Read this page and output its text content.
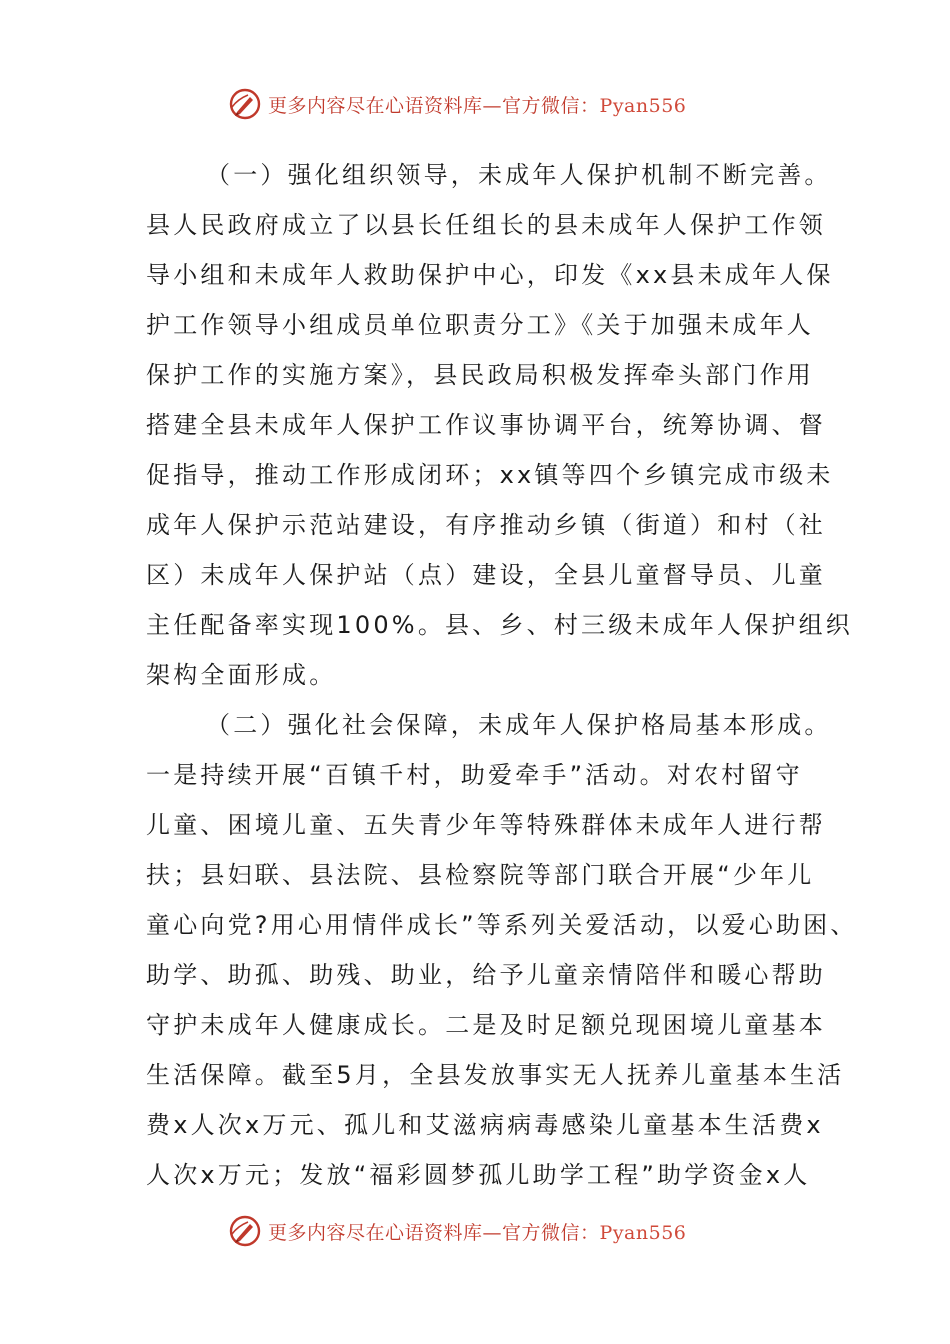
更多内容尽在心语资料库—官方微信：Pyan556
（一）强化组织领导，未成年人保护机制不断完善。
县人民政府成立了以县长任组长的县未成年人保护工作领
导小组和未成年人救助保护中心，印发《xx县未成年人保
护工作领导小组成员单位职责分工》《关于加强未成年人
保护工作的实施方案》，县民政局积极发挥牵头部门作用
搭建全县未成年人保护工作议事协调平台，统筹协调、督
促指导，推动工作形成闭环；xx镇等四个乡镇完成市级未
成年人保护示范站建设，有序推动乡镇（街道）和村（社
区）未成年人保护站（点）建设，全县儿童督导员、儿童
主任配备率实现100%。县、乡、村三级未成年人保护组织
架构全面形成。
（二）强化社会保障，未成年人保护格局基本形成。
一是持续开展“百镇千村，助爱牵手”活动。对农村留守
儿童、困境儿童、五失青少年等特殊群体未成年人进行帮
扶；县妇联、县法院、县检察院等部门联合开展“少年儿
童心向党?用心用情伴成长”等系列关爱活动，以爱心助困、
助学、助孤、助残、助业，给予儿童亲情陪伴和暖心帮助
守护未成年人健康成长。二是及时足额兑现困境儿童基本
生活保障。截至5月，全县发放事实无人抚养儿童基本生活
费x人次x万元、孤儿和艾滋病病毒感染儿童基本生活费x
人次x万元；发放“福彩圆梦孤儿助学工程”助学资金x人
更多内容尽在心语资料库—官方微信：Pyan556
